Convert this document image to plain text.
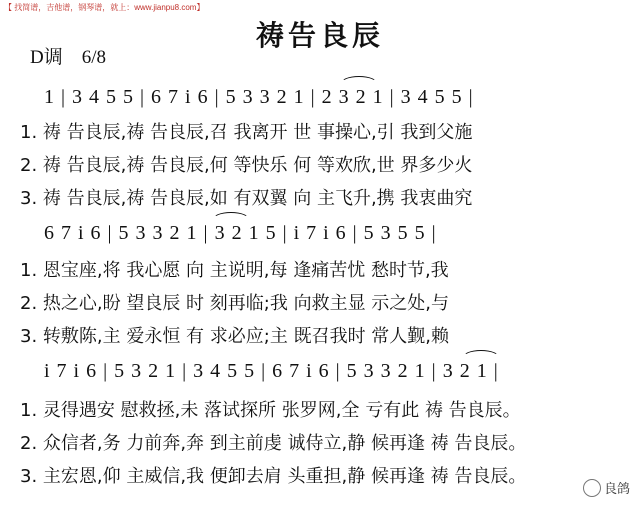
【 找简谱，吉他谱，钢琴谱，就上：www.jianpu8.com】
祷告良辰
D调　6/8
1 | 3 4 5 5 | 6 7 i 6 | 5 3 3 2 1 | 2 3 2 1 | 3 4 5 5 |
1. 祷 告良辰,祷 告良辰,召 我离开 世 事操心,引 我到父施
2. 祷 告良辰,祷 告良辰,何 等快乐 何 等欢欣,世 界多少火
3. 祷 告良辰,祷 告良辰,如 有双翼 向 主飞升,携 我衷曲究
6 7 i 6 | 5 3 3 2 1 | 3 2 1 5 | i 7 i 6 | 5 3 5 5 |
1. 恩宝座,将 我心愿 向 主说明,每 逢痛苦忧 愁时节,我
2. 热之心,盼 望良辰 时 刻再临;我 向救主显 示之处,与
3. 转敷陈,主 爱永恒 有 求必应;主 既召我时 常人觐,赖
i 7 i 6 | 5 3 2 1 | 3 4 5 5 | 6 7 i 6 | 5 3 3 2 1 | 3 2 1 |
1. 灵得遇安 慰救拯,未 落试探所 张罗网,全 亏有此 祷 告良辰。
2. 众信者,务 力前奔,奔 到主前虔 诚侍立,静 候再逢 祷 告良辰。
3. 主宏恩,仰 主威信,我 便卸去肩 头重担,静 候再逢 祷 告良辰。
良鸽
